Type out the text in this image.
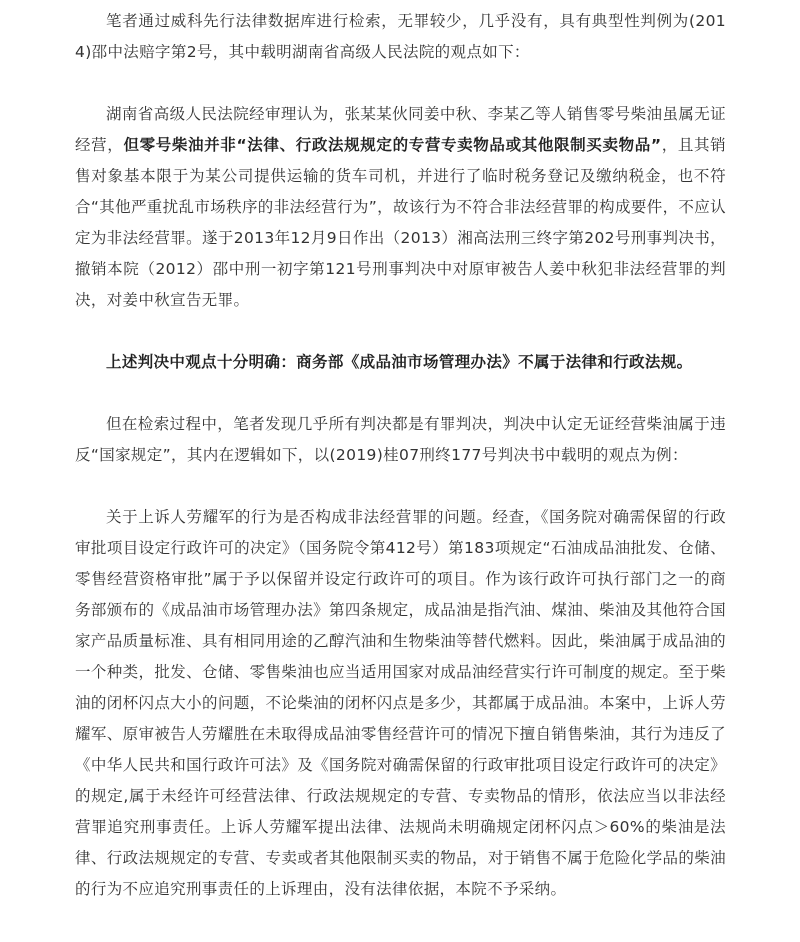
笔者通过威科先行法律数据库进行检索，无罪较少，几乎没有，具有典型性判例为(2014)邵中法赔字第2号，其中载明湖南省高级人民法院的观点如下：

湖南省高级人民法院经审理认为，张某某伙同姜中秋、李某乙等人销售零号柴油虽属无证经营，但零号柴油并非“法律、行政法规规定的专营专卖物品或其他限制买卖物品”，且其销售对象基本限于为某公司提供运输的货车司机，并进行了临时税务登记及缴纳税金，也不符合“其他严重扰乱市场秩序的非法经营行为”，故该行为不符合非法经营罪的构成要件，不应认定为非法经营罪。遂于2013年12月9日作出（2013）湘高法刑三终字第202号刑事判决书，撤销本院（2012）邵中刑一初字第121号刑事判决中对原审被告人姜中秋犯非法经营罪的判决，对姜中秋宣告无罪。

上述判决中观点十分明确：商务部《成品油市场管理办法》不属于法律和行政法规。

但在检索过程中，笔者发现几乎所有判决都是有罪判决，判决中认定无证经营柴油属于违反“国家规定”，其内在逻辑如下，以(2019)桂07刑终177号判决书中载明的观点为例：

关于上诉人劳耀军的行为是否构成非法经营罪的问题。经查，《国务院对确需保留的行政审批项目设定行政许可的决定》（国务院令第412号）第183项规定“石油成品油批发、仓储、零售经营资格审批”属于予以保留并设定行政许可的项目。作为该行政许可执行部门之一的商务部颁布的《成品油市场管理办法》第四条规定，成品油是指汽油、煤油、柴油及其他符合国家产品质量标准、具有相同用途的乙醇汽油和生物柴油等替代燃料。因此，柴油属于成品油的一个种类，批发、仓储、零售柴油也应当适用国家对成品油经营实行许可制度的规定。至于柴油的闭杯闪点大小的问题，不论柴油的闭杯闪点是多少，其都属于成品油。本案中，上诉人劳耀军、原审被告人劳耀胜在未取得成品油零售经营许可的情况下擅自销售柴油，其行为违反了《中华人民共和国行政许可法》及《国务院对确需保留的行政审批项目设定行政许可的决定》的规定,属于未经许可经营法律、行政法规规定的专营、专卖物品的情形，依法应当以非法经营罪追究刑事责任。上诉人劳耀军提出法律、法规尚未明确规定闭杯闪点＞60%的柴油是法律、行政法规规定的专营、专卖或者其他限制买卖的物品，对于销售不属于危险化学品的柴油的行为不应追究刑事责任的上诉理由，没有法律依据，本院不予采纳。
